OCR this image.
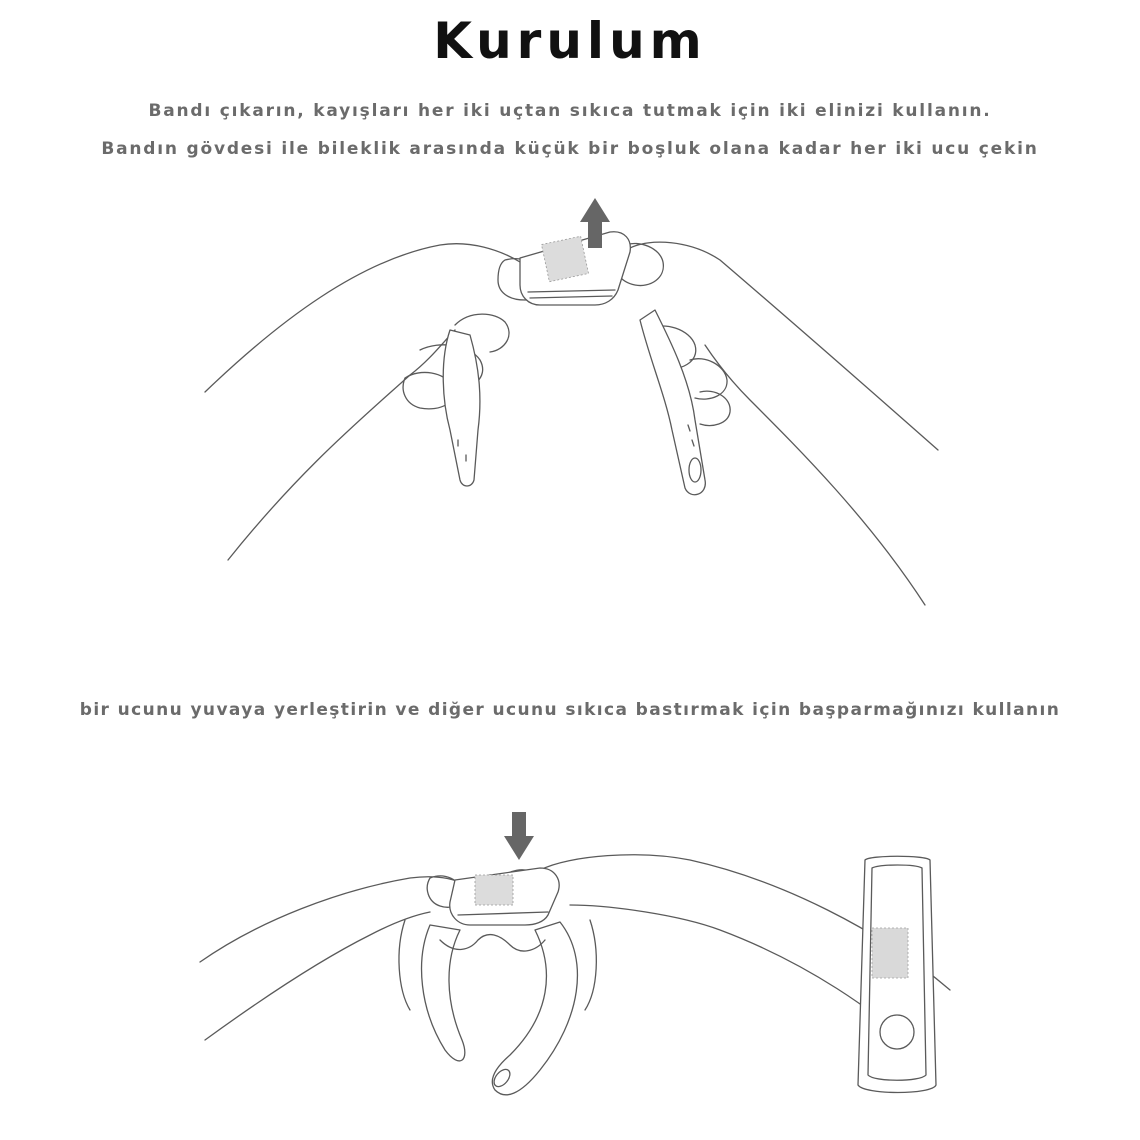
Kurulum
Bandı çıkarın, kayışları her iki uçtan sıkıca tutmak için iki elinizi kullanın.
Bandın gövdesi ile bileklik arasında küçük bir boşluk olana kadar her iki ucu çekin
bir ucunu yuvaya yerleştirin ve diğer ucunu sıkıca bastırmak için başparmağınızı kullanın
